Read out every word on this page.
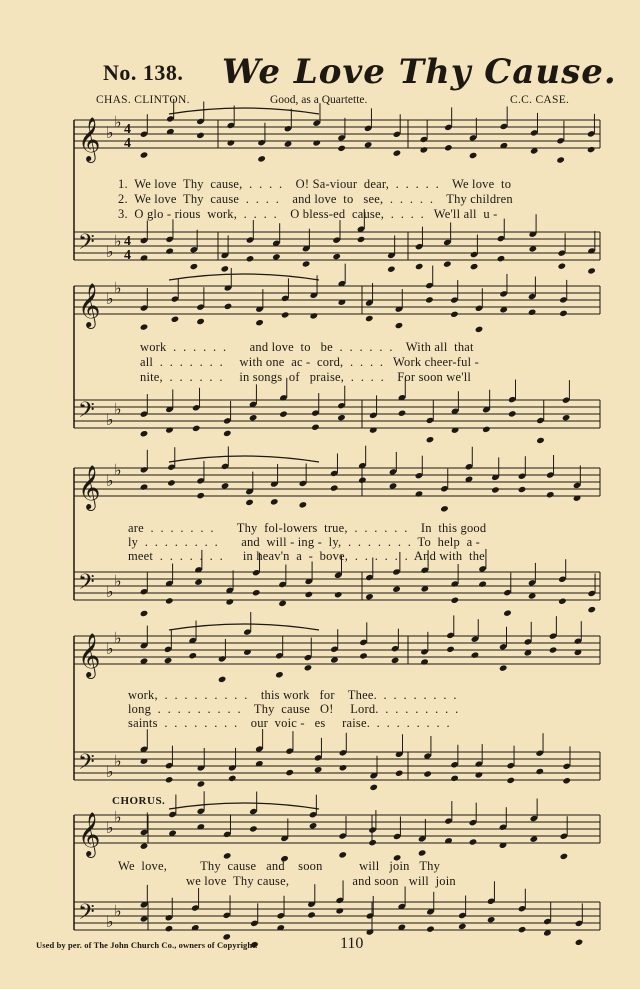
No. 138. We Love Thy Cause.
CHAS. CLINTON.	Good, as a Quartette.	C.C. CASE.
𝄞
𝄢
♭
♭
♭
♭
4
4
4
4
𝄞
𝄢
♭
♭
♭
♭
𝄞
𝄢
♭
♭
♭
♭
𝄞
𝄢
♭
♭
♭
♭
𝄞
𝄢
♭
♭
♭
♭
1.  We love  Thy  cause,  .  .  .  .    O! Sa-viour  dear,  .  .  .  .  .    We love  to
2.  We love  Thy  cause  .  .  .  .    and love  to   see,  .  .  .  .  .    Thy children
3.  O glo - rious  work,  .  .  .  .    O bless-ed  cause,  .  .  .  .   We'll all  u -
work  .  .  .  .  .  .       and love  to   be  .  .  .  .  .  .    With all  that
all  .  .  .  .  .  .  .     with one  ac -  cord,  .  .  .  .   Work cheer-ful -
nite,  .  .  .  .  .  .     in songs  of   praise,  .  .  .  .    For soon we'll
are  .  .  .  .  .  .  .       Thy  fol-lowers  true,  .  .  .  .  .  .    In  this good
ly  .  .  .  .  .  .  .  .       and  will - ing -  ly,  .  .  .  .  .  .  .  To  help  a -
meet  .  .  .  .  .  .  .      in heav'n  a  -  bove,  .  .  .  .  .  .  And with  the
work,  .  .  .  .  .  .  .  .  .    this work   for    Thee.  .  .  .  .  .  .  .  .
long  .  .  .  .  .  .  .  .  .    Thy  cause   O!     Lord.  .  .  .  .  .  .  .  .
saints  .  .  .  .  .  .  .  .    our  voic -   es     raise.  .  .  .  .  .  .  .  .
CHORUS.
We  love,          Thy  cause   and    soon           will   join   Thy
we love  Thy cause,                   and soon   will  join
Used by per. of The John Church Co., owners of Copyright.	110
